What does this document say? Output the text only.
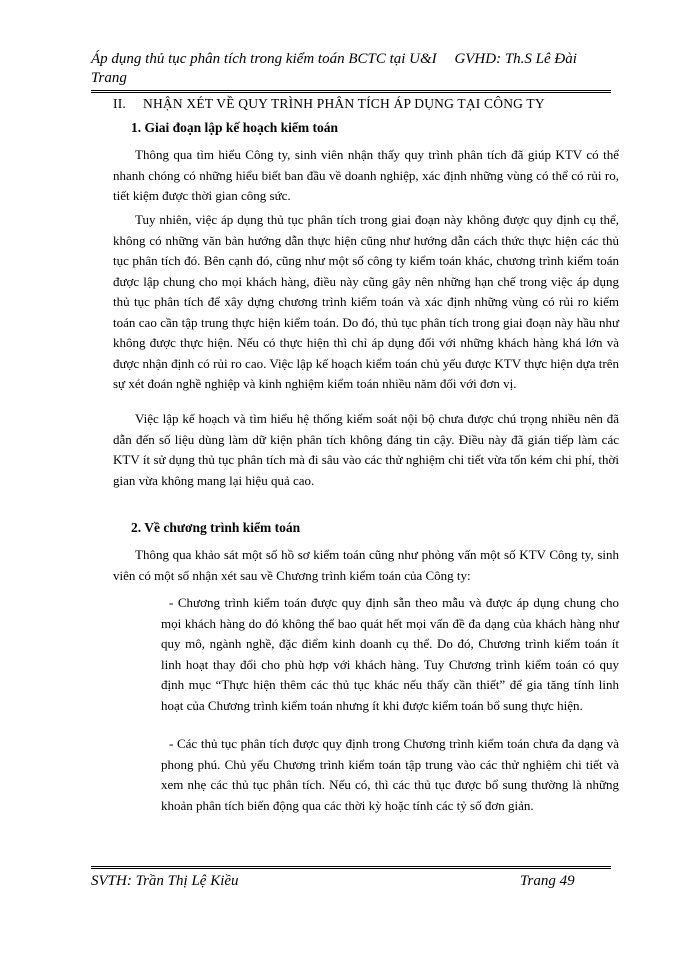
Áp dụng thủ tục phân tích trong kiểm toán BCTC tại U&I GVHD: Th.S Lê Đài Trang
II. NHẬN XÉT VỀ QUY TRÌNH PHÂN TÍCH ÁP DỤNG TẠI CÔNG TY
1. Giai đoạn lập kế hoạch kiểm toán
Thông qua tìm hiểu Công ty, sinh viên nhận thấy quy trình phân tích đã giúp KTV có thể nhanh chóng có những hiểu biết ban đầu về doanh nghiệp, xác định những vùng có thể có rủi ro, tiết kiệm được thời gian công sức.
Tuy nhiên, việc áp dụng thủ tục phân tích trong giai đoạn này không được quy định cụ thể, không có những văn bản hướng dẫn thực hiện cũng như hướng dẫn cách thức thực hiện các thủ tục phân tích đó. Bên cạnh đó, cũng như một số công ty kiểm toán khác, chương trình kiểm toán được lập chung cho mọi khách hàng, điều này cũng gây nên những hạn chế trong việc áp dụng thủ tục phân tích để xây dựng chương trình kiểm toán và xác định những vùng có rủi ro kiểm toán cao cần tập trung thực hiện kiểm toán. Do đó, thủ tục phân tích trong giai đoạn này hầu như không được thực hiện. Nếu có thực hiện thì chỉ áp dụng đối với những khách hàng khá lớn và được nhận định có rủi ro cao. Việc lập kế hoạch kiểm toán chủ yếu được KTV thực hiện dựa trên sự xét đoán nghề nghiệp và kinh nghiệm kiểm toán nhiều năm đối với đơn vị.
Việc lập kế hoạch và tìm hiểu hệ thống kiểm soát nội bộ chưa được chú trọng nhiều nên đã dẫn đến số liệu dùng làm dữ kiện phân tích không đáng tin cậy. Điều này đã gián tiếp làm các KTV ít sử dụng thủ tục phân tích mà đi sâu vào các thử nghiệm chi tiết vừa tốn kém chi phí, thời gian vừa không mang lại hiệu quả cao.
2. Về chương trình kiểm toán
Thông qua khảo sát một số hồ sơ kiểm toán cũng như phỏng vấn một số KTV Công ty, sinh viên có một số nhận xét sau về Chương trình kiểm toán của Công ty:
- Chương trình kiểm toán được quy định sẵn theo mẫu và được áp dụng chung cho mọi khách hàng do đó không thể bao quát hết mọi vấn đề đa dạng của khách hàng như quy mô, ngành nghề, đặc điểm kinh doanh cụ thể. Do đó, Chương trình kiểm toán ít linh hoạt thay đổi cho phù hợp với khách hàng. Tuy Chương trình kiểm toán có quy định mục “Thực hiện thêm các thủ tục khác nếu thấy cần thiết” để gia tăng tính linh hoạt của Chương trình kiểm toán nhưng ít khi được kiểm toán bổ sung thực hiện.
- Các thủ tục phân tích được quy định trong Chương trình kiểm toán chưa đa dạng và phong phú. Chủ yếu Chương trình kiểm toán tập trung vào các thử nghiệm chi tiết và xem nhẹ các thủ tục phân tích. Nếu có, thì các thủ tục được bổ sung thường là những khoản phân tích biến động qua các thời kỳ hoặc tính các tỷ số đơn giản.
SVTH: Trần Thị Lệ Kiều	Trang 49
